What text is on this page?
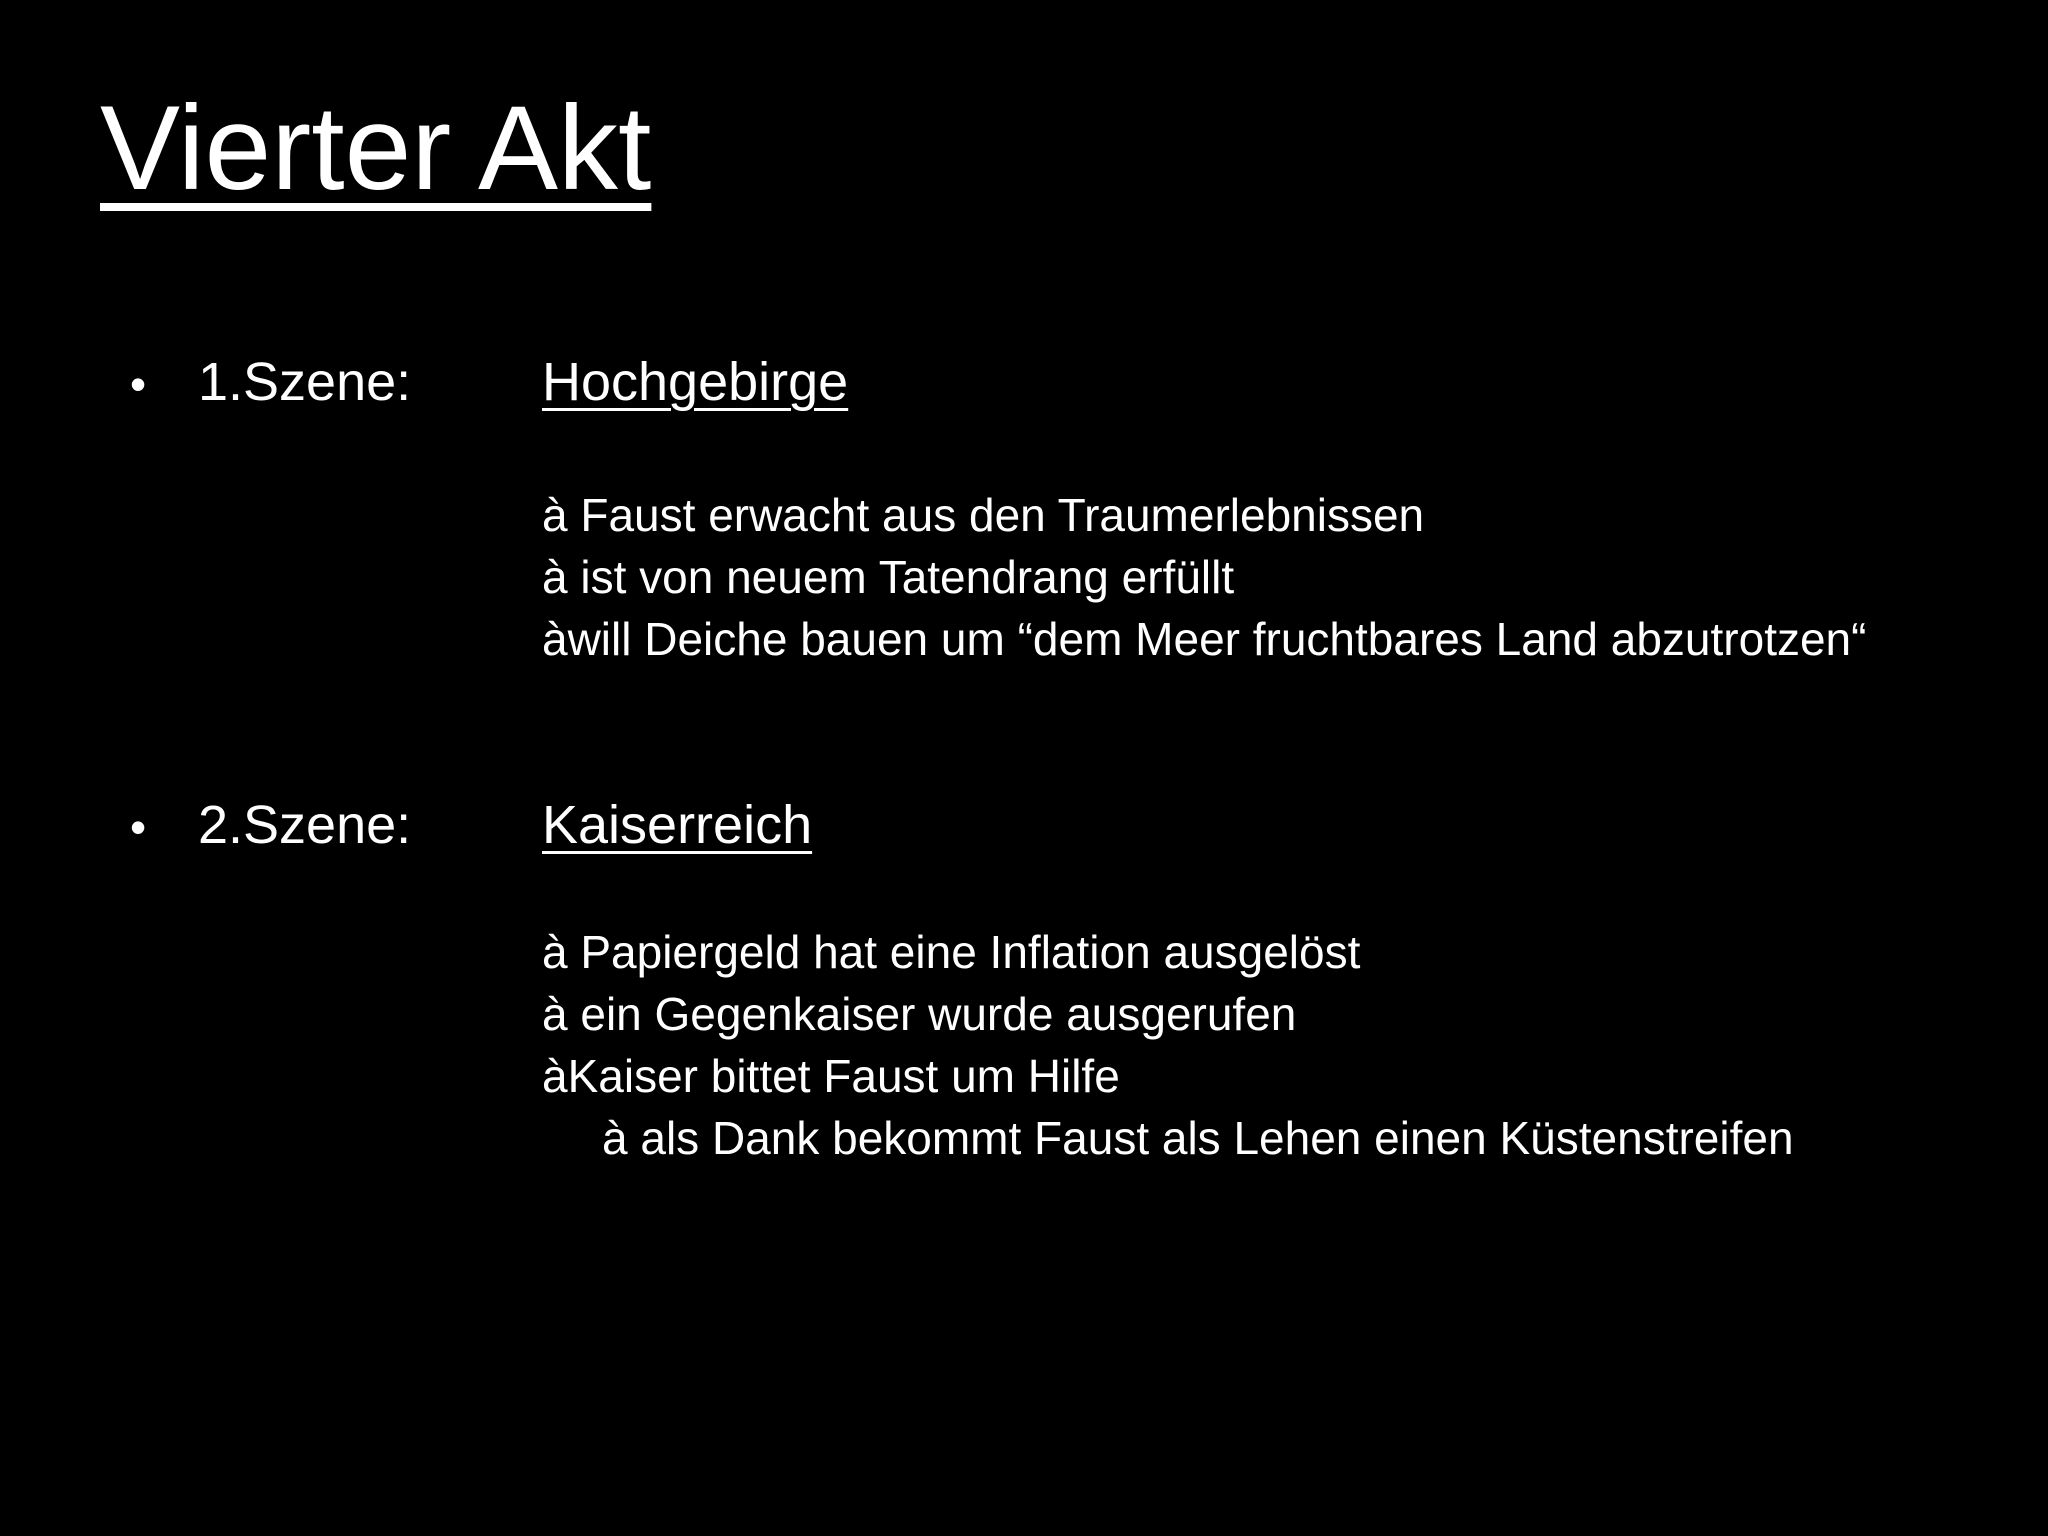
Vierter Akt
• 1.Szene: Hochgebirge
à Faust erwacht aus den Traumerlebnissen
à ist von neuem Tatendrang erfüllt
àwill Deiche bauen um “dem Meer fruchtbares Land abzutrotzen“
• 2.Szene: Kaiserreich
à Papiergeld hat eine Inflation ausgelöst
à ein Gegenkaiser wurde ausgerufen
àKaiser bittet Faust um Hilfe
à als Dank bekommt Faust als Lehen einen Küstenstreifen
